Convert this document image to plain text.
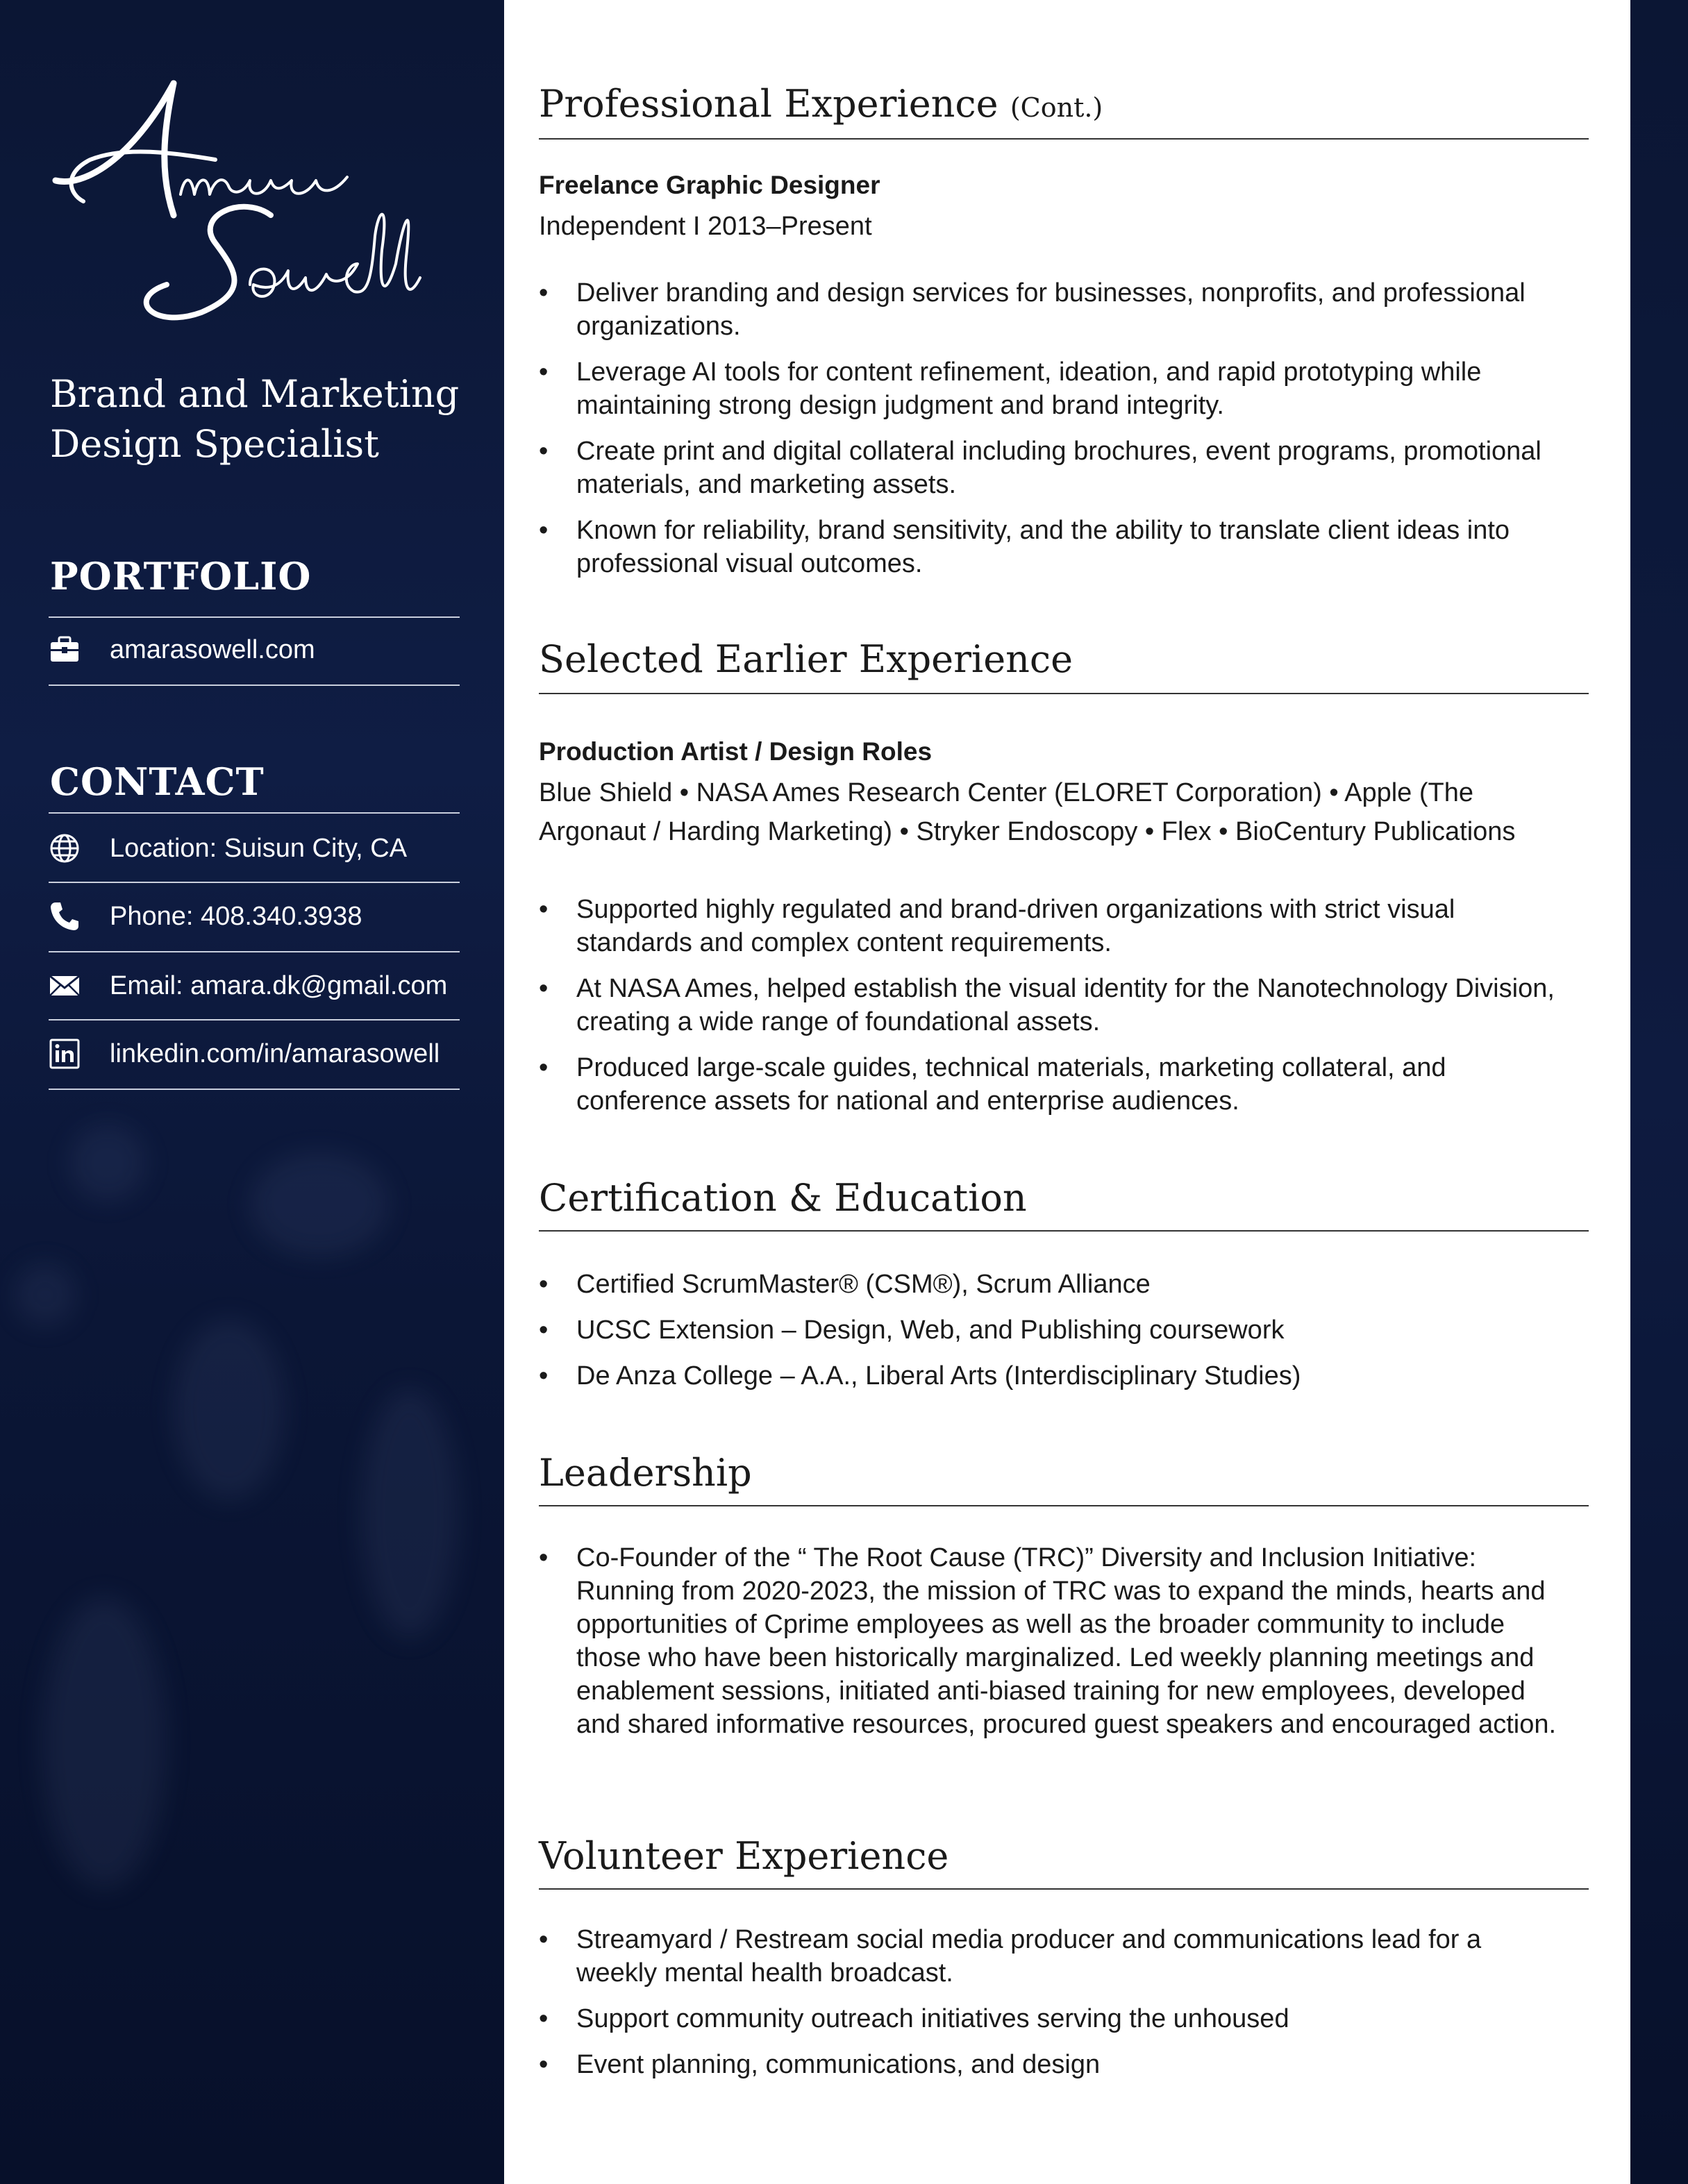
Brand and Marketing
Design Specialist
PORTFOLIO
amarasowell.com
CONTACT
Location: Suisun City, CA
Phone: 408.340.3938
Email: amara.dk@gmail.com
linkedin.com/in/amarasowell
Professional Experience (Cont.)
Freelance Graphic Designer
Independent I 2013–Present
• Deliver branding and design services for businesses, nonprofits, and professional organizations.
• Leverage AI tools for content refinement, ideation, and rapid prototyping while maintaining strong design judgment and brand integrity.
• Create print and digital collateral including brochures, event programs, promotional materials, and marketing assets.
• Known for reliability, brand sensitivity, and the ability to translate client ideas into professional visual outcomes.
Selected Earlier Experience
Production Artist / Design Roles
Blue Shield • NASA Ames Research Center (ELORET Corporation) • Apple (The Argonaut / Harding Marketing) • Stryker Endoscopy • Flex • BioCentury Publications
• Supported highly regulated and brand-driven organizations with strict visual standards and complex content requirements.
• At NASA Ames, helped establish the visual identity for the Nanotechnology Division, creating a wide range of foundational assets.
• Produced large-scale guides, technical materials, marketing collateral, and conference assets for national and enterprise audiences.
Certification & Education
• Certified ScrumMaster® (CSM®), Scrum Alliance
• UCSC Extension – Design, Web, and Publishing coursework
• De Anza College – A.A., Liberal Arts (Interdisciplinary Studies)
Leadership
• Co-Founder of the “ The Root Cause (TRC)” Diversity and Inclusion Initiative: Running from 2020-2023, the mission of TRC was to expand the minds, hearts and opportunities of Cprime employees as well as the broader community to include those who have been historically marginalized. Led weekly planning meetings and enablement sessions, initiated anti-biased training for new employees, developed and shared informative resources, procured guest speakers and encouraged action.
Volunteer Experience
• Streamyard / Restream social media producer and communications lead for a weekly mental health broadcast.
• Support community outreach initiatives serving the unhoused
• Event planning, communications, and design
